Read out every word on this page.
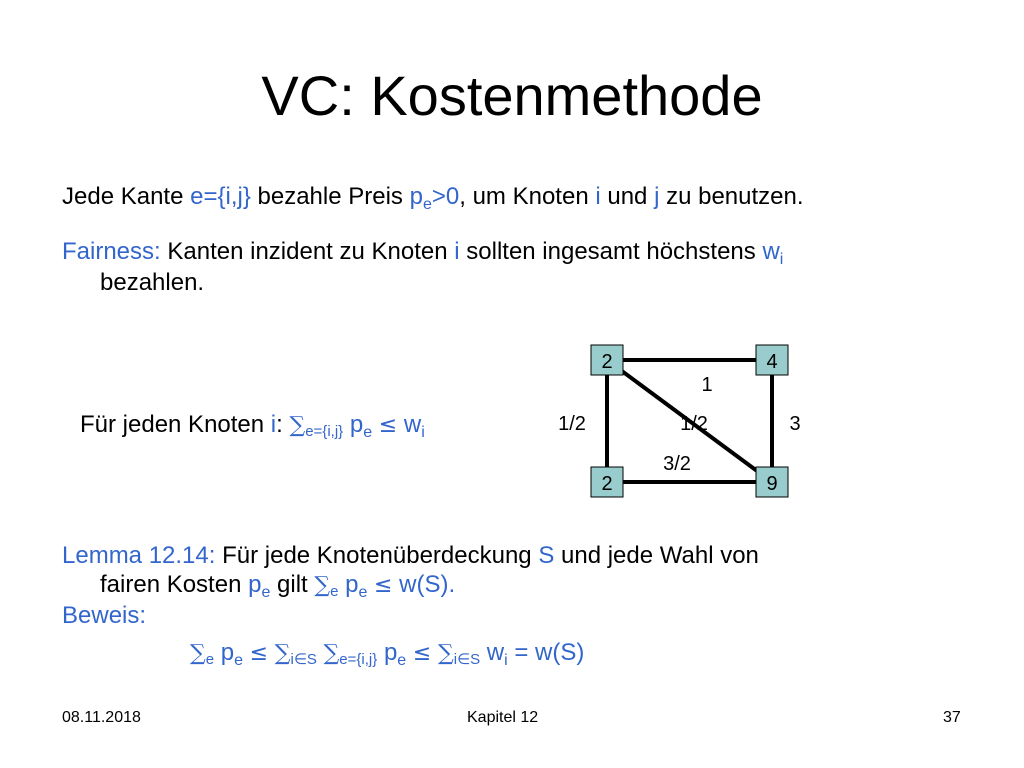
VC: Kostenmethode
Jede Kante e={i,j} bezahle Preis $p_e>0$, um Knoten i und j zu benutzen.
Fairness: Kanten inzident zu Knoten i sollten ingesamt höchstens $w_i$
bezahlen.
Für jeden Knoten i: $\sum_{e=\{i,j\}}$ $p_e \le w_i$
1
1/2	1/2	3
3/2
2	4
2	9
Lemma 12.14: Für jede Knotenüberdeckung S und jede Wahl von
fairen Kosten $p_e$ gilt $\sum_e$ $p_e \le w(S)$.
Beweis:
$\sum_e$ $p_e \le \sum_{i\in S}$ $\sum_{e=\{i,j\}}$ $p_e \le \sum_{i\in S}$ $w_i = w(S)$
08.11.2018	Kapitel 12	37
